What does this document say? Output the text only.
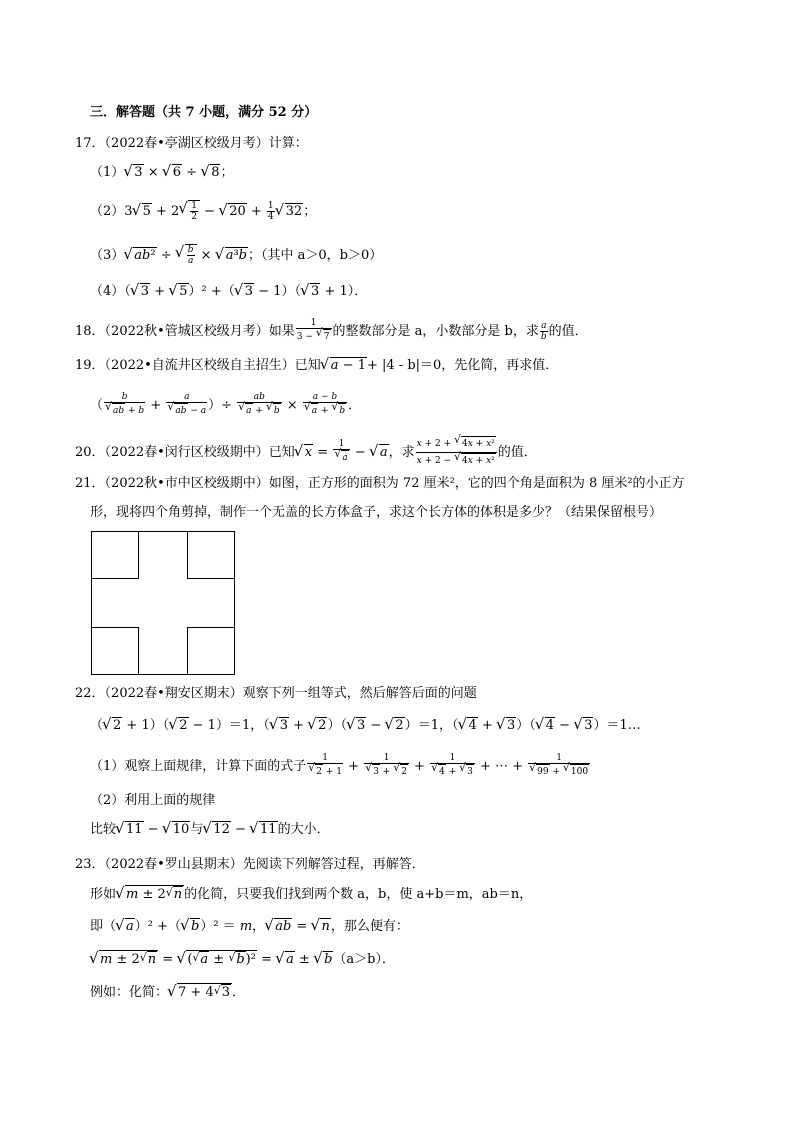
三．解答题（共 7 小题，满分 52 分）
17．（2022春•亭湖区校级月考）计算：
（1） √ 3 × √ 6 ÷ √ 8；
（2）3 √ 5 + 2 √ $\frac{1}{2}$ − √ $20 + \frac{1}{4}$ √ 32；
（3） √ ab² ÷ √ $\frac{b}{a}$ × √ a³b；（其中 a＞0，b＞0）
（4）（ √ 3 + √ 5）² +（ √ 3 − 1）（ √ 3 + 1）．
18．（2022秋•管城区校级月考）如果 $\frac{1}{3 - √ 7}$ 的整数部分是 a，小数部分是 b，求 $\frac{a}{b}$ 的值．
19．（2022•自流井区校级自主招生）已知 √ a − 1+ |4 - b|＝0，先化简，再求值．
（ b
√ ab + b + a
√ ab − a ）÷ ab
√ a + √ b × a − b
√ a + √ b ．
20．（2022春•闵行区校级期中）已知 √ x = 1
√ a − √ a，求 $\frac{\text{x + 2 + √ 4x + x²}}{\text{x + 2 − √ 4x + x²}}$ 的值．
21．（2022秋•市中区校级期中）如图，正方形的面积为 72 厘米²，它的四个角是面积为 8 厘米²的小正方
形，现将四个角剪掉，制作一个无盖的长方体盒子，求这个长方体的体积是多少？（结果保留根号）
22．（2022春•翔安区期末）观察下列一组等式，然后解答后面的问题
（ √ 2 + 1）（ √ 2 − 1）＝1，（ √ 3 + √ 2）（ √ 3 − √ 2）＝1，（ √ 4 + √ 3）（ √ 4 − √ 3）＝1…
（1）观察上面规律，计算下面的式子 1
√ 2 + 1 + 1
√ 3 + √ 2 + 1
√ 4 + √ 3 + ⋯ + 1
√ 99 + √ 100
（2）利用上面的规律
比较 √ 11 − √ 10与 √ 12 − √ 11的大小．
23．（2022春•罗山县期末）先阅读下列解答过程，再解答．
形如 √ m ± 2 √ n 的化简，只要我们找到两个数 a，b，使 a+b＝m，ab＝n，
即（ √ a）² +（ √ b）² ＝ m， √ ab = √ n，那么便有：
√ m ± 2 √ n = √ ( √ a ± √ b)² = √ a ± √ b（a＞b）．
例如：化简： √ 7 + 4 √ 3 ．
